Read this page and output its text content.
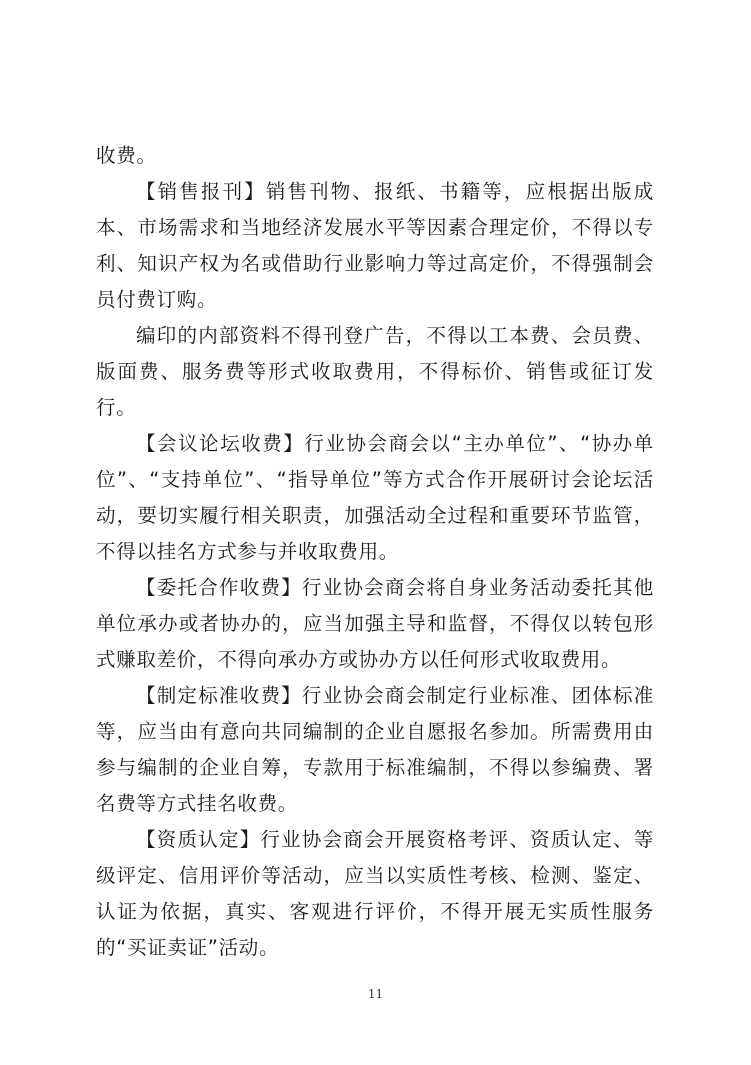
收费。

【销售报刊】销售刊物、报纸、书籍等，应根据出版成本、市场需求和当地经济发展水平等因素合理定价，不得以专利、知识产权为名或借助行业影响力等过高定价，不得强制会员付费订购。

编印的内部资料不得刊登广告，不得以工本费、会员费、版面费、服务费等形式收取费用，不得标价、销售或征订发行。

【会议论坛收费】行业协会商会以“主办单位”、“协办单位”、“支持单位”、“指导单位”等方式合作开展研讨会论坛活动，要切实履行相关职责，加强活动全过程和重要环节监管，不得以挂名方式参与并收取费用。

【委托合作收费】行业协会商会将自身业务活动委托其他单位承办或者协办的，应当加强主导和监督，不得仅以转包形式赚取差价，不得向承办方或协办方以任何形式收取费用。

【制定标准收费】行业协会商会制定行业标准、团体标准等，应当由有意向共同编制的企业自愿报名参加。所需费用由参与编制的企业自筹，专款用于标准编制，不得以参编费、署名费等方式挂名收费。

【资质认定】行业协会商会开展资格考评、资质认定、等级评定、信用评价等活动，应当以实质性考核、检测、鉴定、认证为依据，真实、客观进行评价，不得开展无实质性服务的“买证卖证”活动。

11
